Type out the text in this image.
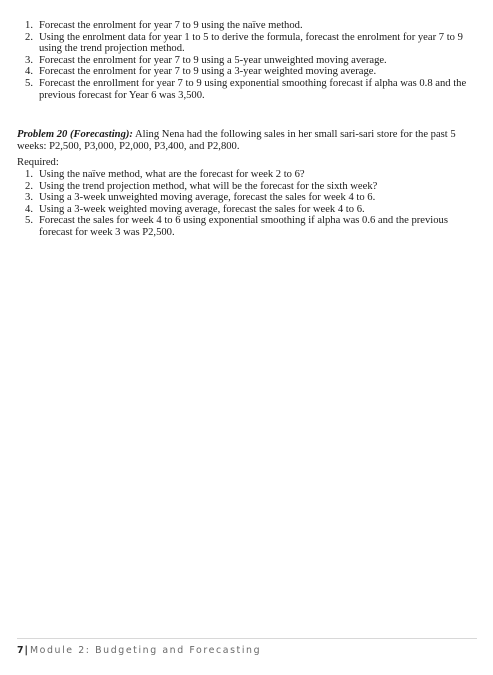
1. Forecast the enrolment for year 7 to 9 using the naïve method.
2. Using the enrolment data for year 1 to 5 to derive the formula, forecast the enrolment for year 7 to 9 using the trend projection method.
3. Forecast the enrolment for year 7 to 9 using a 5-year unweighted moving average.
4. Forecast the enrolment for year 7 to 9 using a 3-year weighted moving average.
5. Forecast the enrollment for year 7 to 9 using exponential smoothing forecast if alpha was 0.8 and the previous forecast for Year 6 was 3,500.
Problem 20 (Forecasting): Aling Nena had the following sales in her small sari-sari store for the past 5 weeks: P2,500, P3,000, P2,000, P3,400, and P2,800.
Required:
1. Using the naïve method, what are the forecast for week 2 to 6?
2. Using the trend projection method, what will be the forecast for the sixth week?
3. Using a 3-week unweighted moving average, forecast the sales for week 4 to 6.
4. Using a 3-week weighted moving average, forecast the sales for week 4 to 6.
5. Forecast the sales for week 4 to 6 using exponential smoothing if alpha was 0.6 and the previous forecast for week 3 was P2,500.
7| Module 2: Budgeting and Forecasting
